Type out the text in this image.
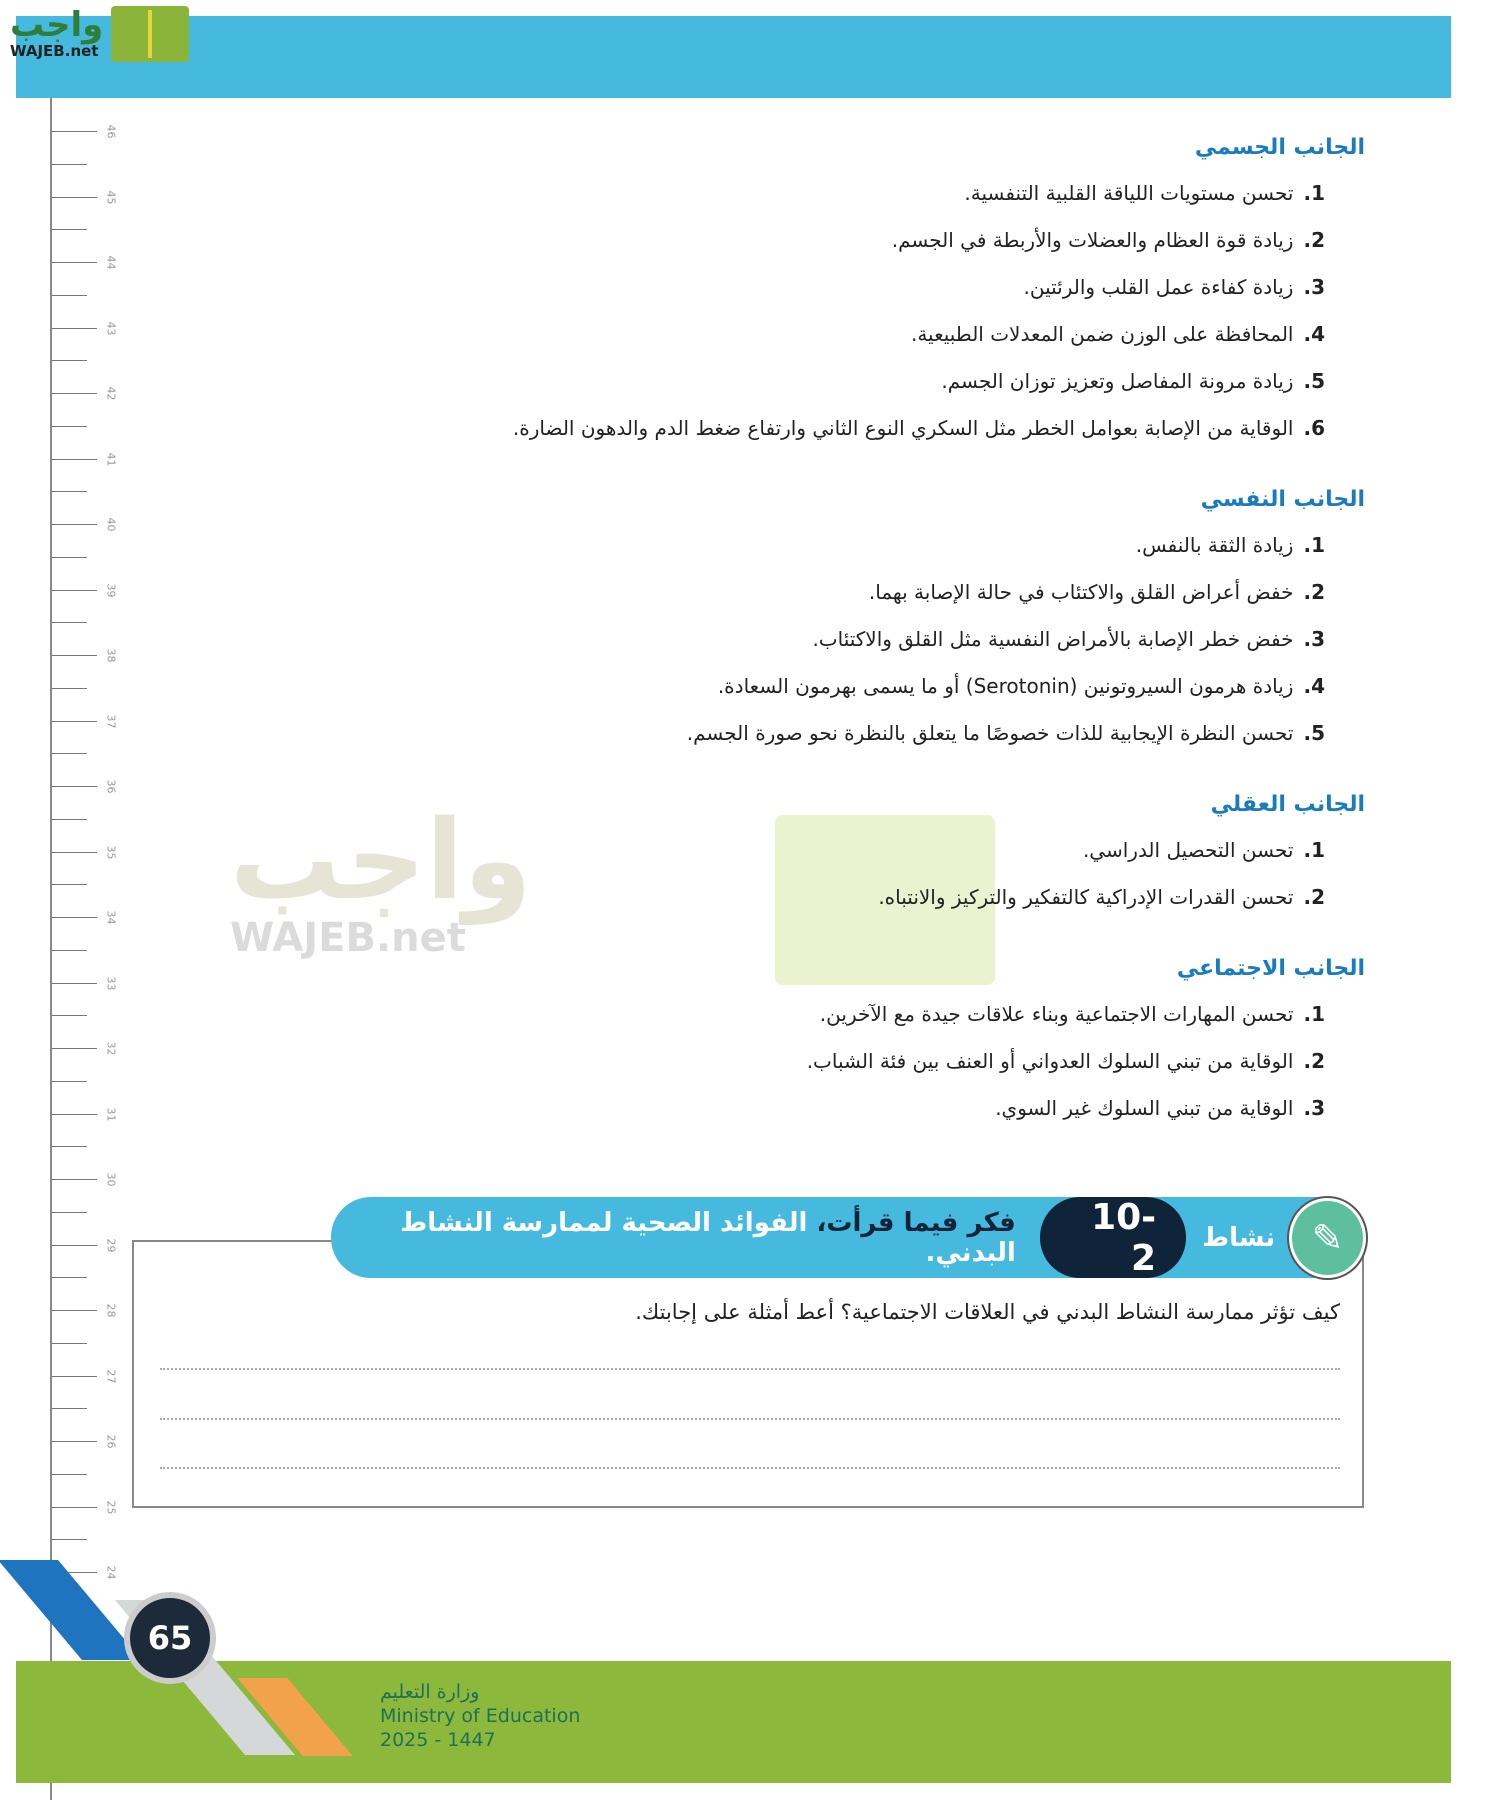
واجب
WAJEB.net
46
45
44
43
42
41
40
39
38
37
36
35
34
33
32
31
30
29
28
27
26
25
24
واجب
WAJEB.net
الجانب الجسمي
1.
تحسن مستويات اللياقة القلبية التنفسية.
2.
زيادة قوة العظام والعضلات والأربطة في الجسم.
3.
زيادة كفاءة عمل القلب والرئتين.
4.
المحافظة على الوزن ضمن المعدلات الطبيعية.
5.
زيادة مرونة المفاصل وتعزيز توزان الجسم.
6.
الوقاية من الإصابة بعوامل الخطر مثل السكري النوع الثاني وارتفاع ضغط الدم والدهون الضارة.
الجانب النفسي
1.
زيادة الثقة بالنفس.
2.
خفض أعراض القلق والاكتئاب في حالة الإصابة بهما.
3.
خفض خطر الإصابة بالأمراض النفسية مثل القلق والاكتئاب.
4.
زيادة هرمون السيروتونين (Serotonin) أو ما يسمى بهرمون السعادة.
5.
تحسن النظرة الإيجابية للذات خصوصًا ما يتعلق بالنظرة نحو صورة الجسم.
الجانب العقلي
1.
تحسن التحصيل الدراسي.
2.
تحسن القدرات الإدراكية كالتفكير والتركيز والانتباه.
الجانب الاجتماعي
1.
تحسن المهارات الاجتماعية وبناء علاقات جيدة مع الآخرين.
2.
الوقاية من تبني السلوك العدواني أو العنف بين فئة الشباب.
3.
الوقاية من تبني السلوك غير السوي.
✎
نشاط
10-2
فكر فيما قرأت، الفوائد الصحية لممارسة النشاط البدني.
كيف تؤثر ممارسة النشاط البدني في العلاقات الاجتماعية؟ أعط أمثلة على إجابتك.
65
وزارة التعليم
Ministry of Education
2025 - 1447
